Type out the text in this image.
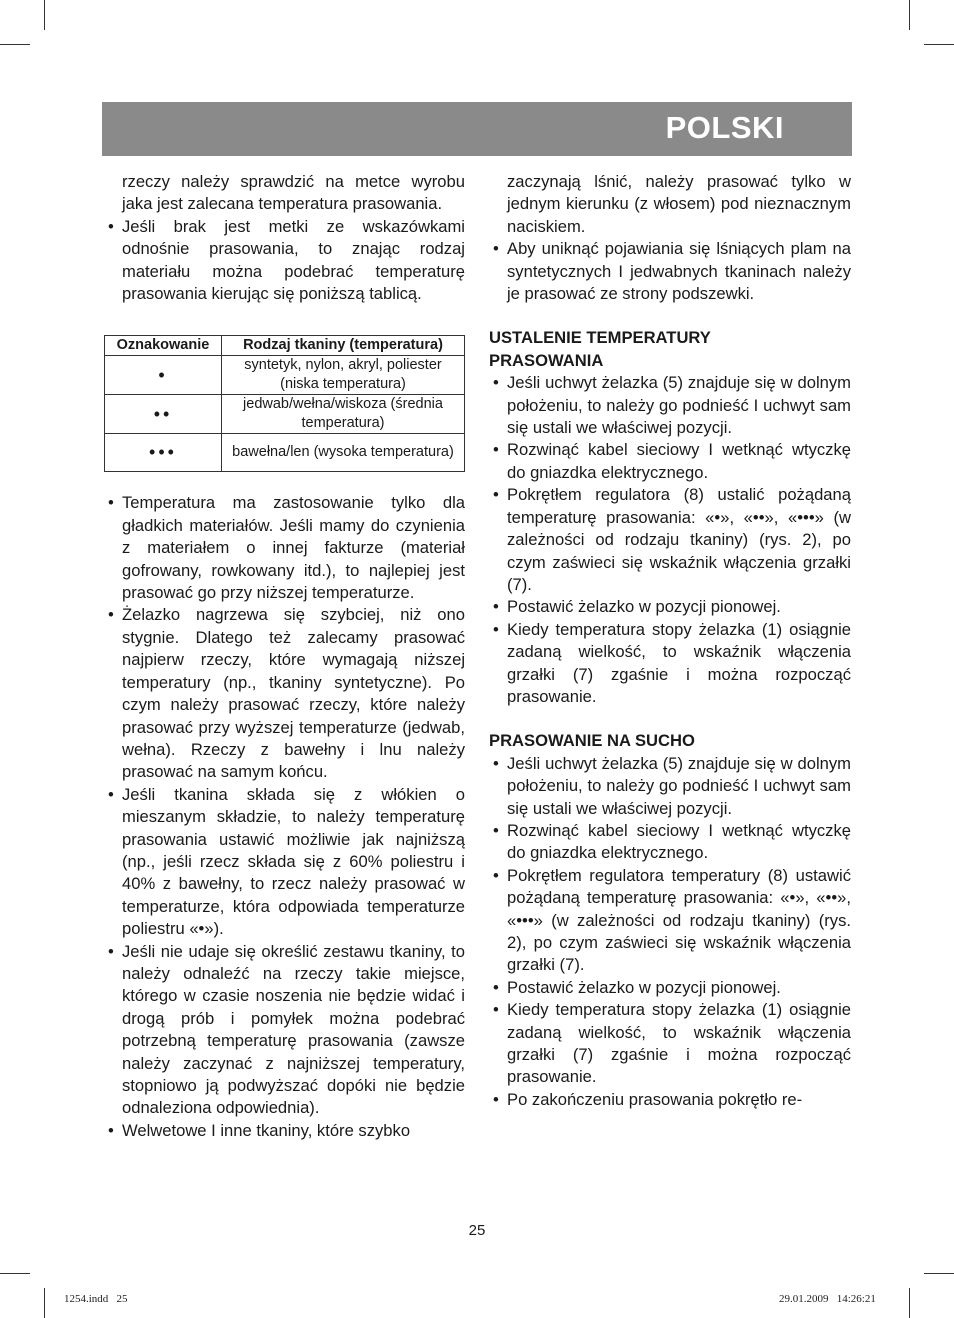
POLSKI

rzeczy należy sprawdzić na metce wyrobu jaka jest zalecana temperatura prasowania.

• Jeśli brak jest metki ze wskazówkami odnośnie prasowania, to znając rodzaj materiału można podebrać temperaturę prasowania kierując się poniższą tablicą.
Oznakowanie	Rodzaj tkaniny (temperatura)
•	syntetyk, nylon, akryl, poliester (niska temperatura)
••	jedwab/wełna/wiskoza (średnia temperatura)
•••	bawełna/len (wysoka temperatura)
• Temperatura ma zastosowanie tylko dla gładkich materiałów. Jeśli mamy do czynienia z materiałem o innej fakturze (materiał gofrowany, rowkowany itd.), to najlepiej jest prasować go przy niższej temperaturze.
• Żelazko nagrzewa się szybciej, niż ono stygnie. Dlatego też zalecamy prasować najpierw rzeczy, które wymagają niższej temperatury (np., tkaniny syntetyczne). Po czym należy prasować rzeczy, które należy prasować przy wyższej temperaturze (jedwab, wełna). Rzeczy z bawełny i lnu należy prasować na samym końcu.
• Jeśli tkanina składa się z włókien o mieszanym składzie, to należy temperaturę prasowania ustawić możliwie jak najniższą (np., jeśli rzecz składa się z 60% poliestru i 40% z bawełny, to rzecz należy prasować w temperaturze, która odpowiada temperaturze poliestru «•»).
• Jeśli nie udaje się określić zestawu tkaniny, to należy odnaleźć na rzeczy takie miejsce, którego w czasie noszenia nie będzie widać i drogą prób i pomyłek można podebrać potrzebną temperaturę prasowania (zawsze należy zaczynać z najniższej temperatury, stopniowo ją podwyższać dopóki nie będzie odnaleziona odpowiednia).
• Welwetowe I inne tkaniny, które szybko

zaczynają lśnić, należy prasować tylko w jednym kierunku (z włosem) pod nieznacznym naciskiem.

• Aby uniknąć pojawiania się lśniących plam na syntetycznych I jedwabnych tkaninach należy je prasować ze strony podszewki.

USTALENIE TEMPERATURY
PRASOWANIA

• Jeśli uchwyt żelazka (5) znajduje się w dolnym położeniu, to należy go podnieść I uchwyt sam się ustali we właściwej pozycji.
• Rozwinąć kabel sieciowy I wetknąć wtyczkę do gniazdka elektrycznego.
• Pokrętłem regulatora (8) ustalić pożądaną temperaturę prasowania: «•», «••», «•••» (w zależności od rodzaju tkaniny) (rys. 2), po czym zaświeci się wskaźnik włączenia grzałki (7).
• Postawić żelazko w pozycji pionowej.
• Kiedy temperatura stopy żelazka (1) osiągnie zadaną wielkość, to wskaźnik włączenia grzałki (7) zgaśnie i można rozpocząć prasowanie.

PRASOWANIE NA SUCHO

• Jeśli uchwyt żelazka (5) znajduje się w dolnym położeniu, to należy go podnieść I uchwyt sam się ustali we właściwej pozycji.
• Rozwinąć kabel sieciowy I wetknąć wtyczkę do gniazdka elektrycznego.
• Pokrętłem regulatora temperatury (8) ustawić pożądaną temperaturę prasowania: «•», «••», «•••» (w zależności od rodzaju tkaniny) (rys. 2), po czym zaświeci się wskaźnik włączenia grzałki (7).
• Postawić żelazko w pozycji pionowej.
• Kiedy temperatura stopy żelazka (1) osiągnie zadaną wielkość, to wskaźnik włączenia grzałki (7) zgaśnie i można rozpocząć prasowanie.
• Po zakończeniu prasowania pokrętło re-
25
1254.indd   25	29.01.2009   14:26:21
